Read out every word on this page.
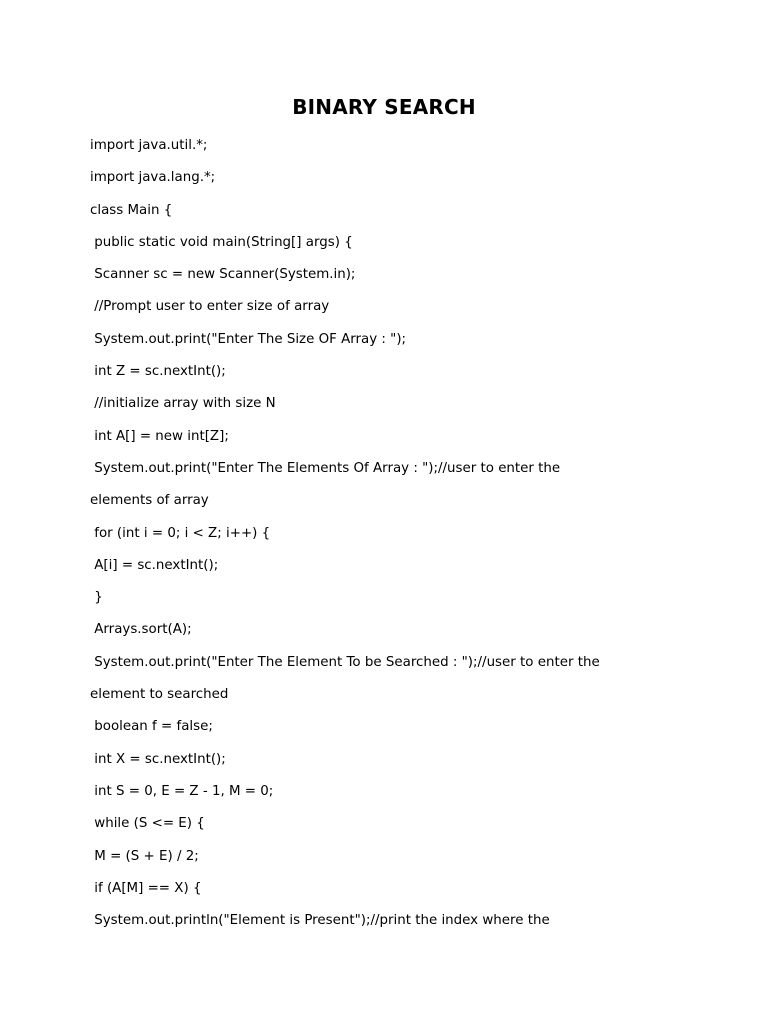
BINARY SEARCH
import java.util.*;
import java.lang.*;
class Main {
public static void main(String[] args) {
Scanner sc = new Scanner(System.in);
//Prompt user to enter size of array
System.out.print("Enter The Size OF Array : ");
int Z = sc.nextInt();
//initialize array with size N
int A[] = new int[Z];
System.out.print("Enter The Elements Of Array : ");//user to enter the
elements of array
for (int i = 0; i < Z; i++) {
A[i] = sc.nextInt();
}
Arrays.sort(A);
System.out.print("Enter The Element To be Searched : ");//user to enter the
element to searched
boolean f = false;
int X = sc.nextInt();
int S = 0, E = Z - 1, M = 0;
while (S <= E) {
M = (S + E) / 2;
if (A[M] == X) {
System.out.println("Element is Present");//print the index where the
